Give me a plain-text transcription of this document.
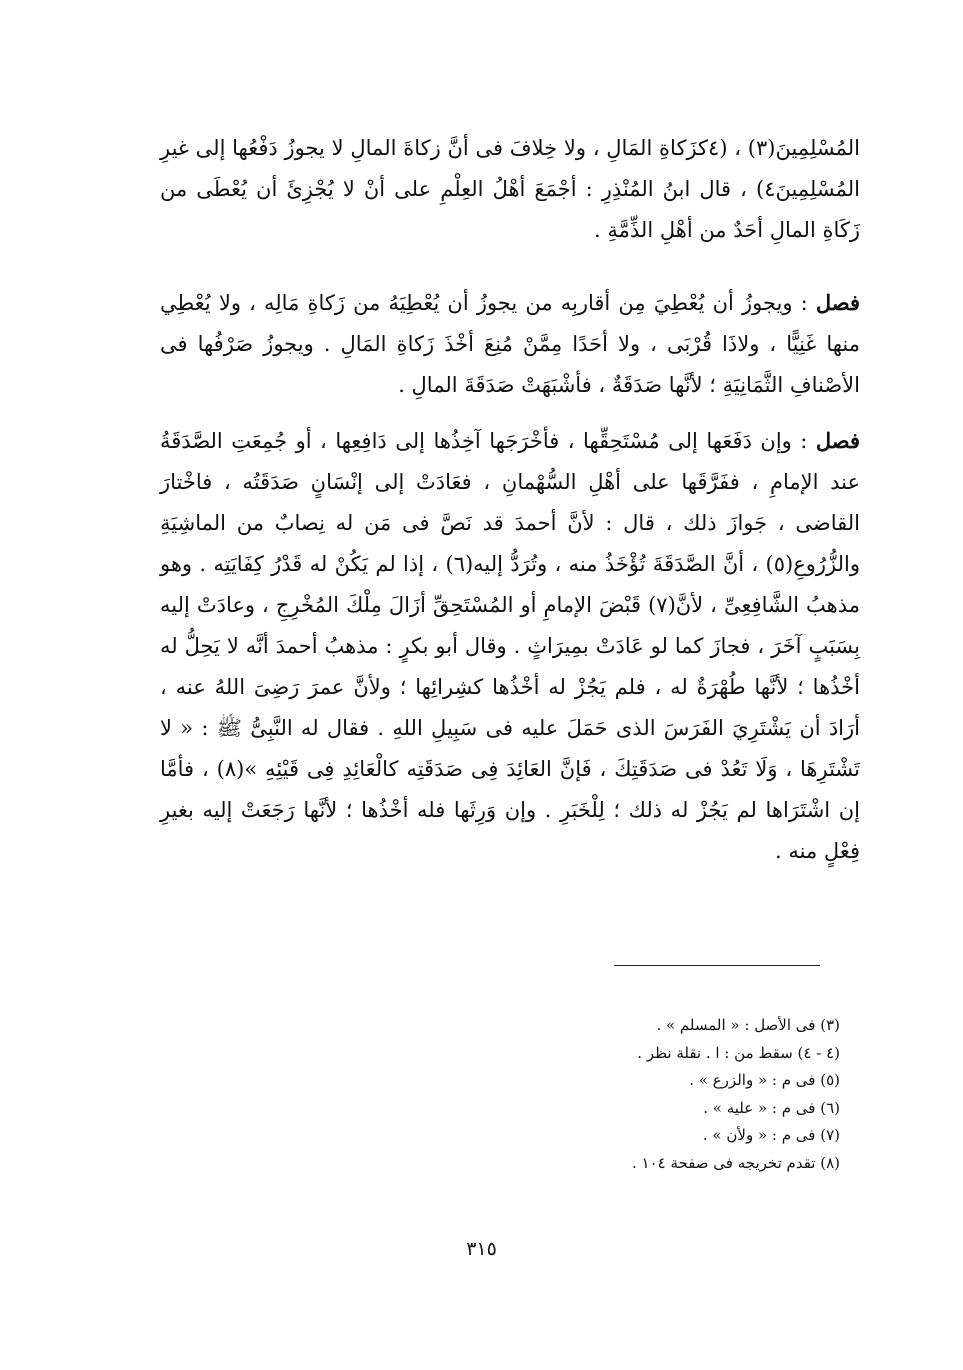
المُسْلِمِينَ(٣) ، (٤كزَكاةِ المَالِ ، ولا خِلافَ فى أنَّ زكاةَ المالِ لا يجوزُ دَفْعُها إلى غيرِ المُسْلِمِينَ٤) ، قال ابنُ المُنْذِرِ : أجْمَعَ أهْلُ العِلْمِ على أنْ لا يُجْزِئَ أن يُعْطَى من زَكَاةِ المالِ أحَدٌ من أهْلِ الذِّمَّةِ .

فصل : ويجوزُ أن يُعْطِيَ مِن أقاربِه من يجوزُ أن يُعْطِيَهُ من زَكاةِ مَالِه ، ولا يُعْطِي منها غَنِيًّا ، ولاذَا قُرْبَى ، ولا أحَدًا مِمَّنْ مُنِعَ أخْذَ زَكاةِ المَالِ . ويجوزُ صَرْفُها فى الأصْنافِ الثَّمَانِيَةِ ؛ لأنَّها صَدَقَةٌ ، فأشْبَهَتْ صَدَقَةَ المالِ .

فصل : وإن دَفَعَها إلى مُسْتَحِقِّها ، فأخْرَجَها آخِذُها إلى دَافِعِها ، أو جُمِعَتِ الصَّدَقَةُ عند الإمامِ ، ففَرَّقَها على أهْلِ السُّهْمانِ ، فعَادَتْ إلى إنْسَانٍ صَدَقَتُه ، فاخْتارَ القاضى ، جَوازَ ذلك ، قال : لأنَّ أحمدَ قد نَصَّ فى مَن له نِصابٌ من الماشِيَةِ والزُّرُوعِ(٥) ، أنَّ الصَّدَقَةَ تُؤْخَذُ منه ، وتُرَدُّ إليه(٦) ، إذا لم يَكُنْ له قَدْرُ كِفَايَتِه . وهو مذهبُ الشَّافِعِىِّ ، لأنَّ(٧) قَبْضَ الإمامِ أو المُسْتَحِقِّ أزَالَ مِلْكَ المُخْرِجِ ، وعادَتْ إليه بِسَبَبٍ آخَرَ ، فجازَ كما لو عَادَتْ بمِيرَاثٍ . وقال أبو بكرٍ : مذهبُ أحمدَ أنَّه لا يَحِلُّ له أخْذُها ؛ لأنَّها طُهْرَةٌ له ، فلم يَجُزْ له أخْذُها كشِرائِها ؛ ولأنَّ عمرَ رَضِىَ اللهُ عنه ، أرَادَ أن يَشْتَرِيَ الفَرَسَ الذى حَمَلَ عليه فى سَبِيلِ اللهِ . فقال له النَّبِىُّ ﷺ : « لا تَشْتَرِهَا ، وَلَا تَعُدْ فى صَدَقَتِكَ ، فَإنَّ العَائِدَ فِى صَدَقَتِه كالْعَائِدِ فِى قَيْئِهِ »(٨) ، فأمَّا إن اشْتَرَاها لم يَجُزْ له ذلك ؛ لِلْخَبَرِ . وإن وَرِثَها فله أخْذُها ؛ لأنَّها رَجَعَتْ إليه بغيرِ فِعْلٍ منه .

(٣) فى الأصل : « المسلم » .
(٤ - ٤) سقط من : ا . نقلة نظر .
(٥) فى م : « والزرع » .
(٦) فى م : « عليه » .
(٧) فى م : « ولأن » .
(٨) تقدم تخريجه فى صفحة ١٠٤ .
٣١٥
